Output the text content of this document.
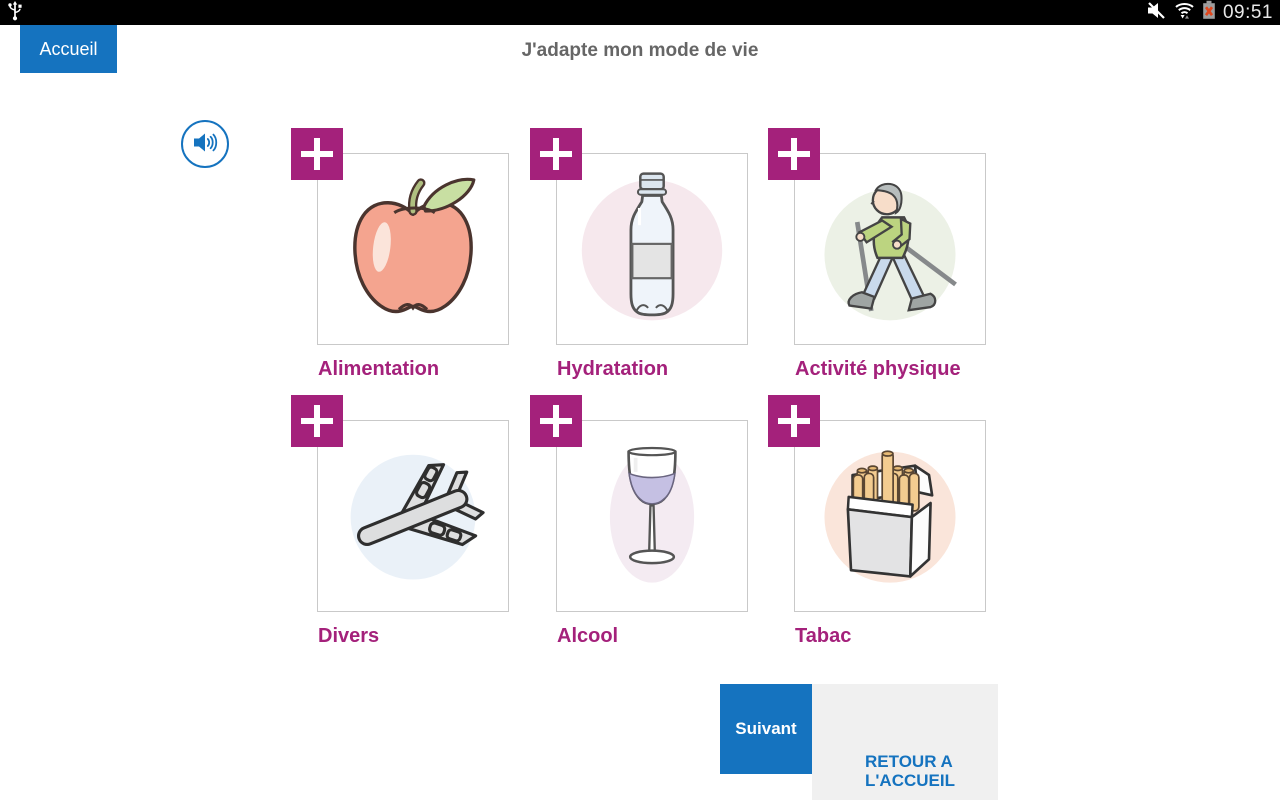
09:51
Accueil	J'adapte mon mode de vie
Alimentation	Hydratation	Activité physique
Divers	Alcool	Tabac
Suivant
RETOUR A L'ACCUEIL
